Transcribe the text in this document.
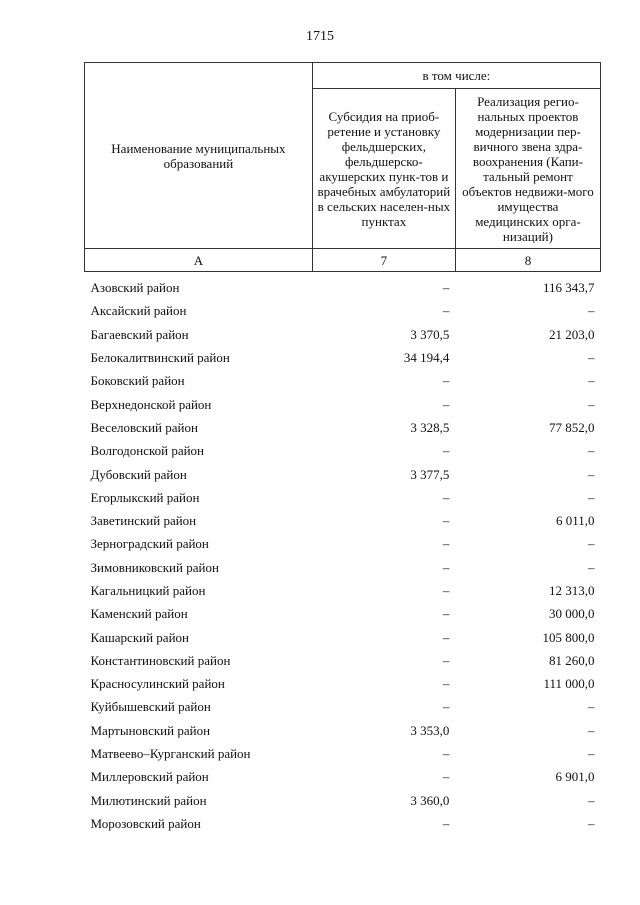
1715
Наименование муниципальных образований	в том числе:	
	Субсидия на приоб-ретение и установку фельдшерских, фельдшерско-акушерских пунк-тов и врачебных амбулаторий в сельских населен-ных пунктах	Реализация регио-нальных проектов модернизации пер-вичного звена здра-воохранения (Капи-тальный ремонт объектов недвижи-мого имущества медицинских орга-низаций)
А	7	8
Азовский район	–	116 343,7
Аксайский район	–	–
Багаевский район	3 370,5	21 203,0
Белокалитвинский район	34 194,4	–
Боковский район	–	–
Верхнедонской район	–	–
Веселовский район	3 328,5	77 852,0
Волгодонской район	–	–
Дубовский район	3 377,5	–
Егорлыкский район	–	–
Заветинский район	–	6 011,0
Зерноградский район	–	–
Зимовниковский район	–	–
Кагальницкий район	–	12 313,0
Каменский район	–	30 000,0
Кашарский район	–	105 800,0
Константиновский район	–	81 260,0
Красносулинский район	–	111 000,0
Куйбышевский район	–	–
Мартыновский район	3 353,0	–
Матвеево–Курганский район	–	–
Миллеровский район	–	6 901,0
Милютинский район	3 360,0	–
Морозовский район	–	–
